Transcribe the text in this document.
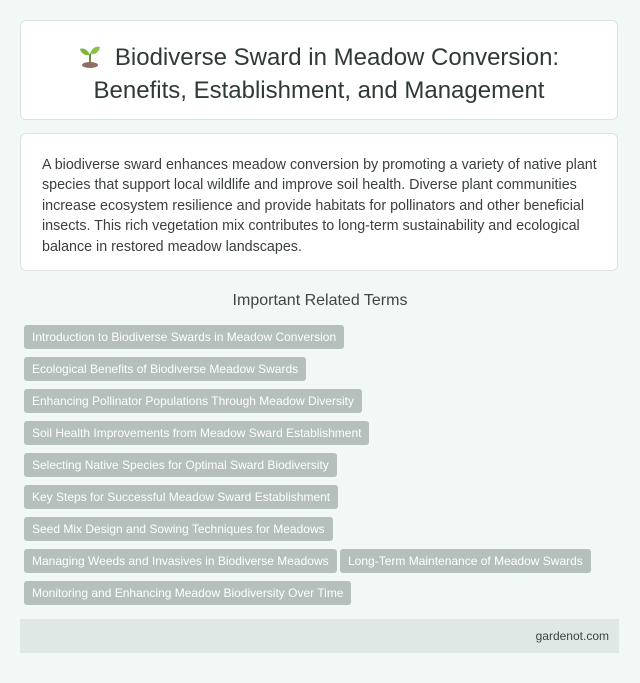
Biodiverse Sward in Meadow Conversion:
Benefits, Establishment, and Management

A biodiverse sward enhances meadow conversion by promoting a variety of native plant species that support local wildlife and improve soil health. Diverse plant communities increase ecosystem resilience and provide habitats for pollinators and other beneficial insects. This rich vegetation mix contributes to long-term sustainability and ecological balance in restored meadow landscapes.

Important Related Terms
Introduction to Biodiverse Swards in Meadow Conversion
Ecological Benefits of Biodiverse Meadow Swards
Enhancing Pollinator Populations Through Meadow Diversity
Soil Health Improvements from Meadow Sward Establishment
Selecting Native Species for Optimal Sward Biodiversity
Key Steps for Successful Meadow Sward Establishment
Seed Mix Design and Sowing Techniques for Meadows
Managing Weeds and Invasives in Biodiverse Meadows	Long-Term Maintenance of Meadow Swards
Monitoring and Enhancing Meadow Biodiversity Over Time
gardenot.com
